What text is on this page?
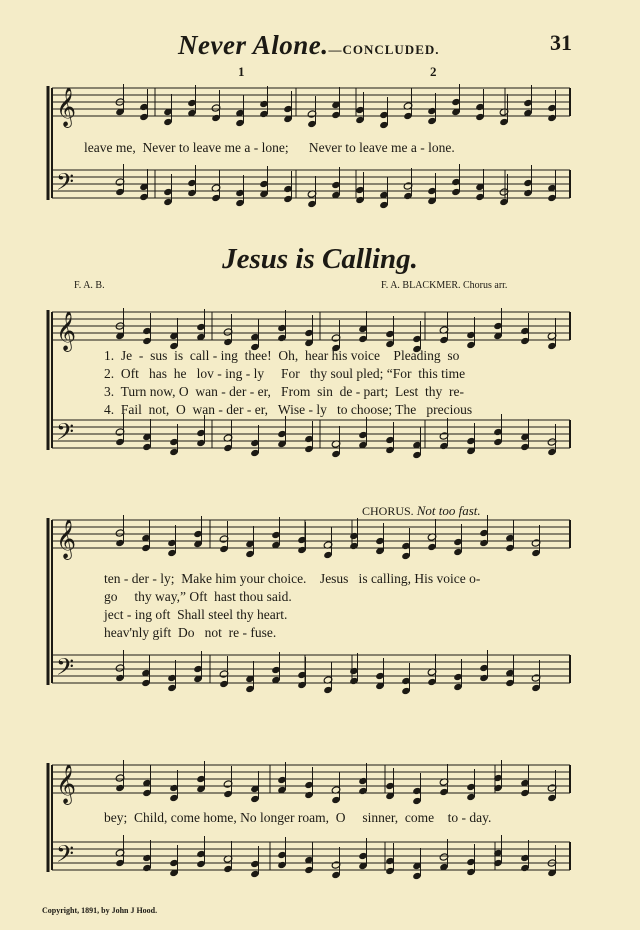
𝄞
𝄞
𝄞
𝄞
𝄢
𝄢
𝄢
𝄢
Never Alone.—CONCLUDED.	31
1	2
leave me,  Never to leave me a - lone;      Never to leave me a - lone.
Jesus is Calling.
F. A. B.	F. A. BLACKMER. Chorus arr.
1.  Je  -  sus  is  call - ing  thee!  Oh,  hear his voice    Pleading  so
2.  Oft   has  he   lov - ing - ly     For   thy soul pled; “For  this time
3.  Turn now, O  wan - der - er,   From  sin  de - part;  Lest  thy  re-
4.  Fail  not,  O  wan - der - er,   Wise - ly   to choose; The   precious
CHORUS. Not too fast.
ten - der - ly;  Make him your choice.    Jesus   is calling, His voice o-
go     thy way,” Oft  hast thou said.
ject - ing oft  Shall steel thy heart.
heav'nly gift  Do   not  re - fuse.
bey;  Child, come home, No longer roam,  O     sinner,  come    to - day.
Copyright, 1891, by John J Hood.
